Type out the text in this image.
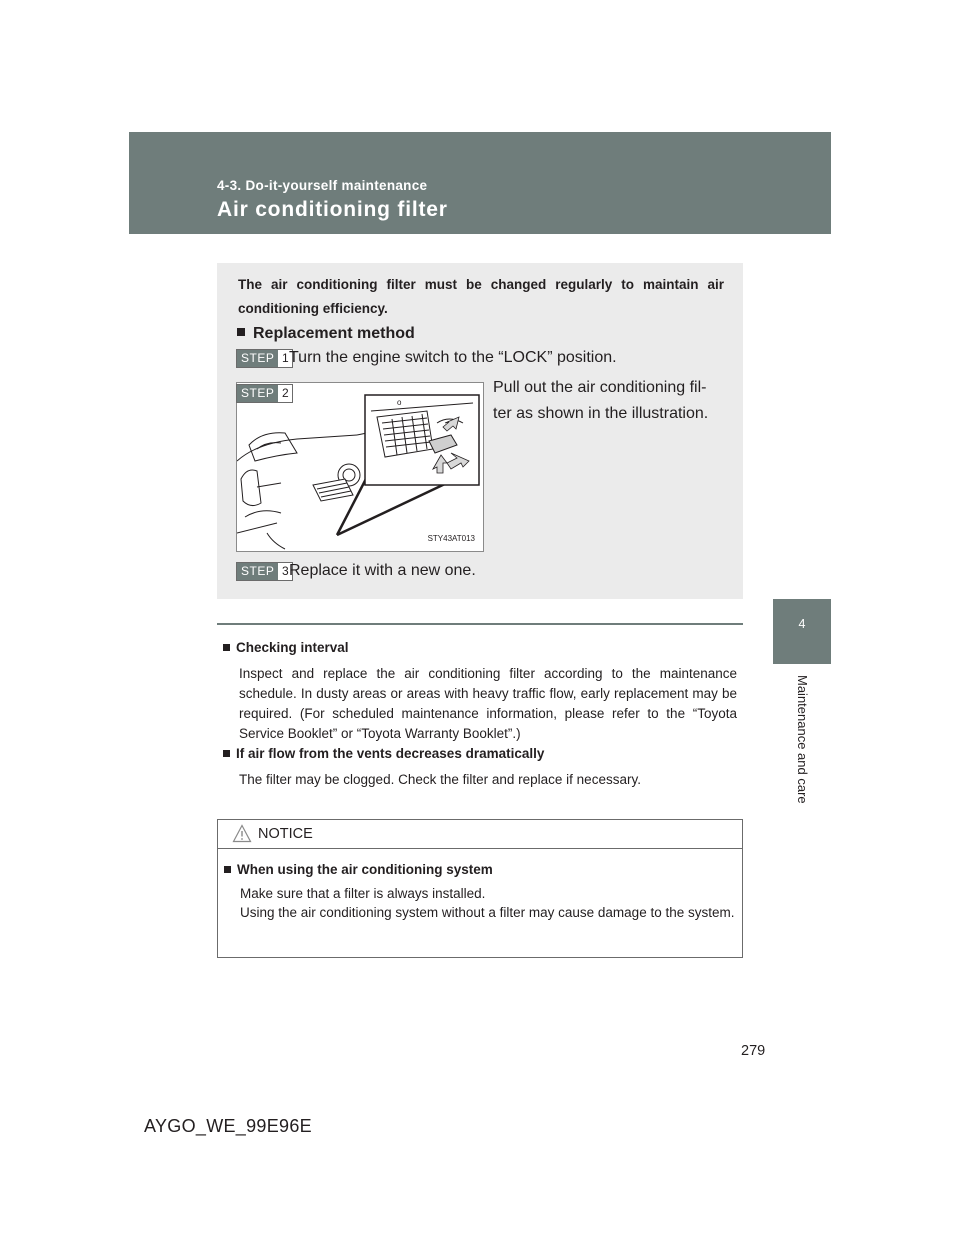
4-3. Do-it-yourself maintenance
Air conditioning filter
4
Maintenance and care
The air conditioning filter must be changed regularly to maintain air conditioning efficiency.
Replacement method
STEP 1 Turn the engine switch to the “LOCK” position.
o
STY43AT013
STEP 2	Pull out the air conditioning fil-
ter as shown in the illustration.
STEP 3 Replace it with a new one.
Checking interval
Inspect and replace the air conditioning filter according to the maintenance schedule. In dusty areas or areas with heavy traffic flow, early replacement may be required. (For scheduled maintenance information, please refer to the “Toyota Service Booklet” or “Toyota Warranty Booklet”.)
If air flow from the vents decreases dramatically
The filter may be clogged. Check the filter and replace if necessary.
NOTICE
When using the air conditioning system
Make sure that a filter is always installed.
Using the air conditioning system without a filter may cause damage to the system.
279
AYGO_WE_99E96E
